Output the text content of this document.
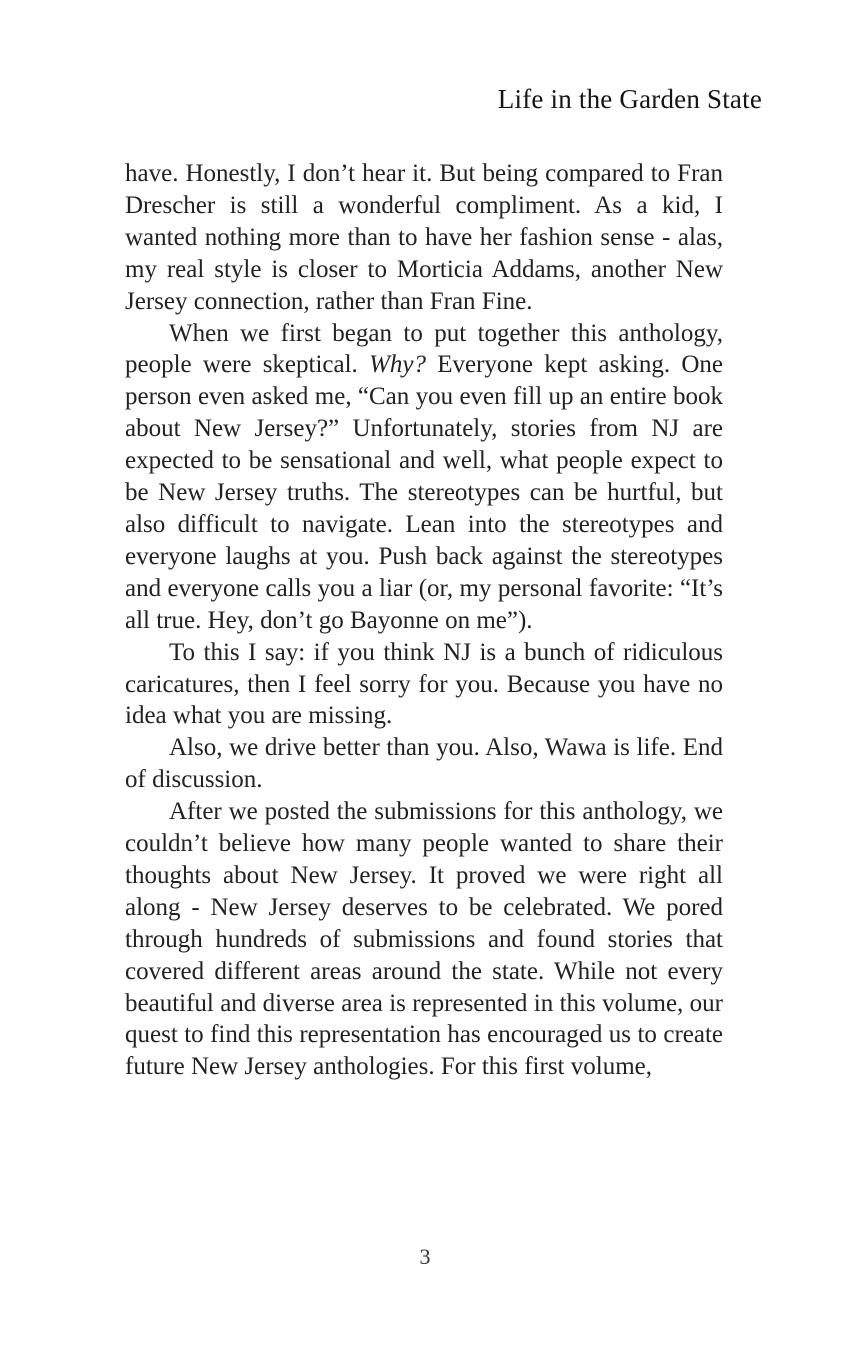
Life in the Garden State

have. Honestly, I don’t hear it. But being compared to Fran Drescher is still a wonderful compliment. As a kid, I wanted nothing more than to have her fashion sense - alas, my real style is closer to Morticia Addams, another New Jersey connection, rather than Fran Fine.

When we first began to put together this anthology, people were skeptical. Why? Everyone kept asking. One person even asked me, “Can you even fill up an entire book about New Jersey?” Unfortunately, stories from NJ are expected to be sensational and well, what people expect to be New Jersey truths. The stereotypes can be hurtful, but also difficult to navigate. Lean into the stereotypes and everyone laughs at you. Push back against the stereotypes and everyone calls you a liar (or, my personal favorite: “It’s all true. Hey, don’t go Bayonne on me”).

To this I say: if you think NJ is a bunch of ridiculous caricatures, then I feel sorry for you. Because you have no idea what you are missing.

Also, we drive better than you. Also, Wawa is life. End of discussion.

After we posted the submissions for this anthology, we couldn’t believe how many people wanted to share their thoughts about New Jersey. It proved we were right all along - New Jersey deserves to be celebrated. We pored through hundreds of submissions and found stories that covered different areas around the state. While not every beautiful and diverse area is represented in this volume, our quest to find this representation has encouraged us to create future New Jersey anthologies. For this first volume,

3
